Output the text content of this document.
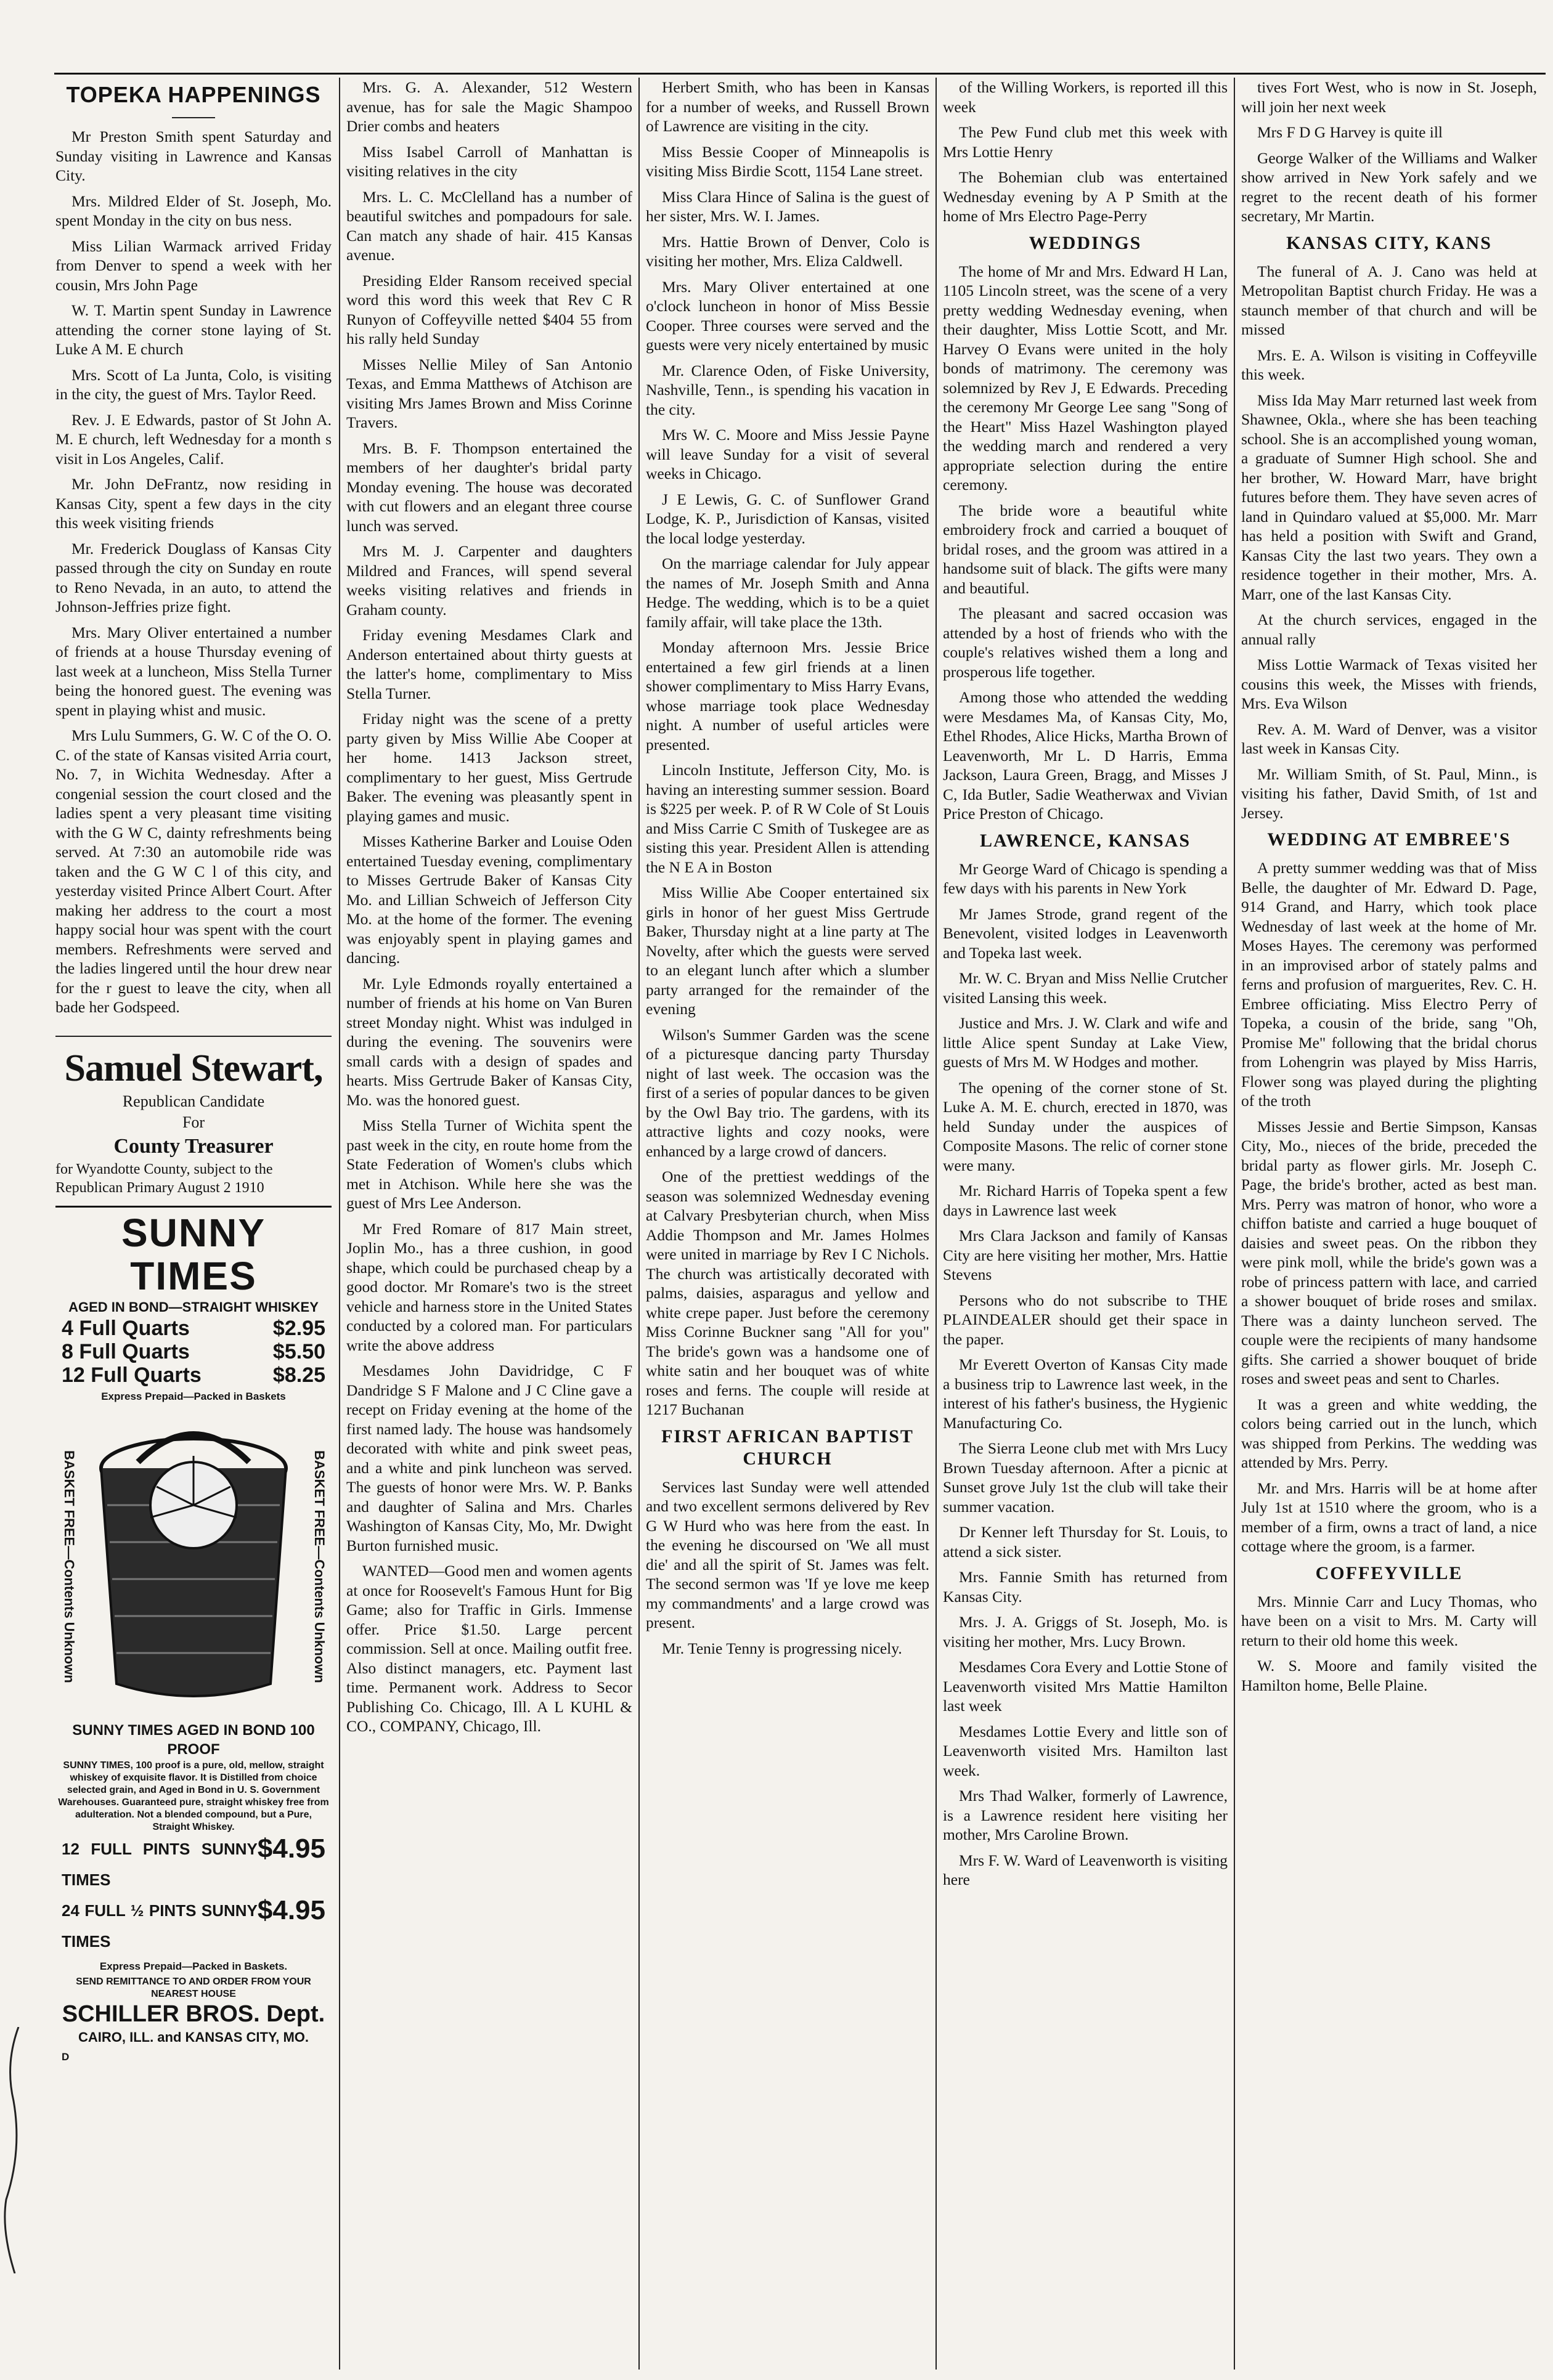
TOPEKA HAPPENINGS

Mr Preston Smith spent Saturday and Sunday visiting in Lawrence and Kansas City.

Mrs. Mildred Elder of St. Joseph, Mo. spent Monday in the city on bus ness.

Miss Lilian Warmack arrived Friday from Denver to spend a week with her cousin, Mrs John Page

W. T. Martin spent Sunday in Lawrence attending the corner stone laying of St. Luke A M. E church

Mrs. Scott of La Junta, Colo, is visiting in the city, the guest of Mrs. Taylor Reed.

Rev. J. E Edwards, pastor of St John A. M. E church, left Wednesday for a month s visit in Los Angeles, Calif.

Mr. John DeFrantz, now residing in Kansas City, spent a few days in the city this week visiting friends

Mr. Frederick Douglass of Kansas City passed through the city on Sunday en route to Reno Nevada, in an auto, to attend the Johnson-Jeffries prize fight.

Mrs. Mary Oliver entertained a number of friends at a house Thursday evening of last week at a luncheon, Miss Stella Turner being the honored guest. The evening was spent in playing whist and music.

Mrs Lulu Summers, G. W. C of the O. O. C. of the state of Kansas visited Arria court, No. 7, in Wichita Wednesday. After a congenial session the court closed and the ladies spent a very pleasant time visiting with the G W C, dainty refreshments being served. At 7:30 an automobile ride was taken and the G W C l of this city, and yesterday visited Prince Albert Court. After making her address to the court a most happy social hour was spent with the court members. Refreshments were served and the ladies lingered until the hour drew near for the r guest to leave the city, when all bade her Godspeed.

Samuel Stewart,
Republican Candidate
For
County Treasurer
for Wyandotte County, subject to the Republican Primary August 2 1910
SUNNY TIMES
AGED IN BOND—STRAIGHT WHISKEY
4 Full Quarts	$2.95
8 Full Quarts	$5.50
12 Full Quarts	$8.25
Express Prepaid—Packed in Baskets
BASKET FREE—Contents Unknown	BASKET FREE—Contents Unknown
SUNNY TIMES AGED IN BOND 100 PROOF
SUNNY TIMES, 100 proof is a pure, old, mellow, straight whiskey of exquisite flavor. It is Distilled from choice selected grain, and Aged in Bond in U. S. Government Warehouses. Guaranteed pure, straight whiskey free from adulteration. Not a blended compound, but a Pure, Straight Whiskey.
12 FULL PINTS SUNNY TIMES
$4.95
24 FULL ½ PINTS SUNNY TIMES
$4.95
Express Prepaid—Packed in Baskets.
SEND REMITTANCE TO AND ORDER FROM YOUR NEAREST HOUSE
SCHILLER BROS. Dept.
CAIRO, ILL. and KANSAS CITY, MO.
D

Mrs. G. A. Alexander, 512 Western avenue, has for sale the Magic Shampoo Drier combs and heaters

Miss Isabel Carroll of Manhattan is visiting relatives in the city

Mrs. L. C. McClelland has a number of beautiful switches and pompadours for sale. Can match any shade of hair. 415 Kansas avenue.

Presiding Elder Ransom received special word this word this week that Rev C R Runyon of Coffeyville netted $404 55 from his rally held Sunday

Misses Nellie Miley of San Antonio Texas, and Emma Matthews of Atchison are visiting Mrs James Brown and Miss Corinne Travers.

Mrs. B. F. Thompson entertained the members of her daughter's bridal party Monday evening. The house was decorated with cut flowers and an elegant three course lunch was served.

Mrs M. J. Carpenter and daughters Mildred and Frances, will spend several weeks visiting relatives and friends in Graham county.

Friday evening Mesdames Clark and Anderson entertained about thirty guests at the latter's home, complimentary to Miss Stella Turner.

Friday night was the scene of a pretty party given by Miss Willie Abe Cooper at her home. 1413 Jackson street, complimentary to her guest, Miss Gertrude Baker. The evening was pleasantly spent in playing games and music.

Misses Katherine Barker and Louise Oden entertained Tuesday evening, complimentary to Misses Gertrude Baker of Kansas City Mo. and Lillian Schweich of Jefferson City Mo. at the home of the former. The evening was enjoyably spent in playing games and dancing.

Mr. Lyle Edmonds royally entertained a number of friends at his home on Van Buren street Monday night. Whist was indulged in during the evening. The souvenirs were small cards with a design of spades and hearts. Miss Gertrude Baker of Kansas City, Mo. was the honored guest.

Miss Stella Turner of Wichita spent the past week in the city, en route home from the State Federation of Women's clubs which met in Atchison. While here she was the guest of Mrs Lee Anderson.

Mr Fred Romare of 817 Main street, Joplin Mo., has a three cushion, in good shape, which could be purchased cheap by a good doctor. Mr Romare's two is the street vehicle and harness store in the United States conducted by a colored man. For particulars write the above address

Mesdames John Davidridge, C F Dandridge S F Malone and J C Cline gave a recept on Friday evening at the home of the first named lady. The house was handsomely decorated with white and pink sweet peas, and a white and pink luncheon was served. The guests of honor were Mrs. W. P. Banks and daughter of Salina and Mrs. Charles Washington of Kansas City, Mo, Mr. Dwight Burton furnished music.

WANTED—Good men and women agents at once for Roosevelt's Famous Hunt for Big Game; also for Traffic in Girls. Immense offer. Price $1.50. Large percent commission. Sell at once. Mailing outfit free. Also distinct managers, etc. Payment last time. Permanent work. Address to Secor Publishing Co. Chicago, Ill. A L KUHL & CO., COMPANY, Chicago, Ill.

Herbert Smith, who has been in Kansas for a number of weeks, and Russell Brown of Lawrence are visiting in the city.

Miss Bessie Cooper of Minneapolis is visiting Miss Birdie Scott, 1154 Lane street.

Miss Clara Hince of Salina is the guest of her sister, Mrs. W. I. James.

Mrs. Hattie Brown of Denver, Colo is visiting her mother, Mrs. Eliza Caldwell.

Mrs. Mary Oliver entertained at one o'clock luncheon in honor of Miss Bessie Cooper. Three courses were served and the guests were very nicely entertained by music

Mr. Clarence Oden, of Fiske University, Nashville, Tenn., is spending his vacation in the city.

Mrs W. C. Moore and Miss Jessie Payne will leave Sunday for a visit of several weeks in Chicago.

J E Lewis, G. C. of Sunflower Grand Lodge, K. P., Jurisdiction of Kansas, visited the local lodge yesterday.

On the marriage calendar for July appear the names of Mr. Joseph Smith and Anna Hedge. The wedding, which is to be a quiet family affair, will take place the 13th.

Monday afternoon Mrs. Jessie Brice entertained a few girl friends at a linen shower complimentary to Miss Harry Evans, whose marriage took place Wednesday night. A number of useful articles were presented.

Lincoln Institute, Jefferson City, Mo. is having an interesting summer session. Board is $225 per week. P. of R W Cole of St Louis and Miss Carrie C Smith of Tuskegee are as sisting this year. President Allen is attending the N E A in Boston

Miss Willie Abe Cooper entertained six girls in honor of her guest Miss Gertrude Baker, Thursday night at a line party at The Novelty, after which the guests were served to an elegant lunch after which a slumber party arranged for the remainder of the evening

Wilson's Summer Garden was the scene of a picturesque dancing party Thursday night of last week. The occasion was the first of a series of popular dances to be given by the Owl Bay trio. The gardens, with its attractive lights and cozy nooks, were enhanced by a large crowd of dancers.

One of the prettiest weddings of the season was solemnized Wednesday evening at Calvary Presbyterian church, when Miss Addie Thompson and Mr. James Holmes were united in marriage by Rev I C Nichols. The church was artistically decorated with palms, daisies, asparagus and yellow and white crepe paper. Just before the ceremony Miss Corinne Buckner sang "All for you" The bride's gown was a handsome one of white satin and her bouquet was of white roses and ferns. The couple will reside at 1217 Buchanan

FIRST AFRICAN BAPTIST CHURCH

Services last Sunday were well attended and two excellent sermons delivered by Rev G W Hurd who was here from the east. In the evening he discoursed on 'We all must die' and all the spirit of St. James was felt. The second sermon was 'If ye love me keep my commandments' and a large crowd was present.

Mr. Tenie Tenny is progressing nicely.

of the Willing Workers, is reported ill this week

The Pew Fund club met this week with Mrs Lottie Henry

The Bohemian club was entertained Wednesday evening by A P Smith at the home of Mrs Electro Page-Perry

WEDDINGS

The home of Mr and Mrs. Edward H Lan, 1105 Lincoln street, was the scene of a very pretty wedding Wednesday evening, when their daughter, Miss Lottie Scott, and Mr. Harvey O Evans were united in the holy bonds of matrimony. The ceremony was solemnized by Rev J, E Edwards. Preceding the ceremony Mr George Lee sang "Song of the Heart" Miss Hazel Washington played the wedding march and rendered a very appropriate selection during the entire ceremony.

The bride wore a beautiful white embroidery frock and carried a bouquet of bridal roses, and the groom was attired in a handsome suit of black. The gifts were many and beautiful.

The pleasant and sacred occasion was attended by a host of friends who with the couple's relatives wished them a long and prosperous life together.

Among those who attended the wedding were Mesdames Ma, of Kansas City, Mo, Ethel Rhodes, Alice Hicks, Martha Brown of Leavenworth, Mr L. D Harris, Emma Jackson, Laura Green, Bragg, and Misses J C, Ida Butler, Sadie Weatherwax and Vivian Price Preston of Chicago.

LAWRENCE, KANSAS

Mr George Ward of Chicago is spending a few days with his parents in New York

Mr James Strode, grand regent of the Benevolent, visited lodges in Leavenworth and Topeka last week.

Mr. W. C. Bryan and Miss Nellie Crutcher visited Lansing this week.

Justice and Mrs. J. W. Clark and wife and little Alice spent Sunday at Lake View, guests of Mrs M. W Hodges and mother.

The opening of the corner stone of St. Luke A. M. E. church, erected in 1870, was held Sunday under the auspices of Composite Masons. The relic of corner stone were many.

Mr. Richard Harris of Topeka spent a few days in Lawrence last week

Mrs Clara Jackson and family of Kansas City are here visiting her mother, Mrs. Hattie Stevens

Persons who do not subscribe to THE PLAINDEALER should get their space in the paper.

Mr Everett Overton of Kansas City made a business trip to Lawrence last week, in the interest of his father's business, the Hygienic Manufacturing Co.

The Sierra Leone club met with Mrs Lucy Brown Tuesday afternoon. After a picnic at Sunset grove July 1st the club will take their summer vacation.

Dr Kenner left Thursday for St. Louis, to attend a sick sister.

Mrs. Fannie Smith has returned from Kansas City.

Mrs. J. A. Griggs of St. Joseph, Mo. is visiting her mother, Mrs. Lucy Brown.

Mesdames Cora Every and Lottie Stone of Leavenworth visited Mrs Mattie Hamilton last week

Mesdames Lottie Every and little son of Leavenworth visited Mrs. Hamilton last week.

Mrs Thad Walker, formerly of Lawrence, is a Lawrence resident here visiting her mother, Mrs Caroline Brown.

Mrs F. W. Ward of Leavenworth is visiting here

tives Fort West, who is now in St. Joseph, will join her next week

Mrs F D G Harvey is quite ill

George Walker of the Williams and Walker show arrived in New York safely and we regret to the recent death of his former secretary, Mr Martin.

KANSAS CITY, KANS

The funeral of A. J. Cano was held at Metropolitan Baptist church Friday. He was a staunch member of that church and will be missed

Mrs. E. A. Wilson is visiting in Coffeyville this week.

Miss Ida May Marr returned last week from Shawnee, Okla., where she has been teaching school. She is an accomplished young woman, a graduate of Sumner High school. She and her brother, W. Howard Marr, have bright futures before them. They have seven acres of land in Quindaro valued at $5,000. Mr. Marr has held a position with Swift and Grand, Kansas City the last two years. They own a residence together in their mother, Mrs. A. Marr, one of the last Kansas City.

At the church services, engaged in the annual rally

Miss Lottie Warmack of Texas visited her cousins this week, the Misses with friends, Mrs. Eva Wilson

Rev. A. M. Ward of Denver, was a visitor last week in Kansas City.

Mr. William Smith, of St. Paul, Minn., is visiting his father, David Smith, of 1st and Jersey.

WEDDING AT EMBREE'S

A pretty summer wedding was that of Miss Belle, the daughter of Mr. Edward D. Page, 914 Grand, and Harry, which took place Wednesday of last week at the home of Mr. Moses Hayes. The ceremony was performed in an improvised arbor of stately palms and ferns and profusion of marguerites, Rev. C. H. Embree officiating. Miss Electro Perry of Topeka, a cousin of the bride, sang "Oh, Promise Me" following that the bridal chorus from Lohengrin was played by Miss Harris, Flower song was played during the plighting of the troth

Misses Jessie and Bertie Simpson, Kansas City, Mo., nieces of the bride, preceded the bridal party as flower girls. Mr. Joseph C. Page, the bride's brother, acted as best man. Mrs. Perry was matron of honor, who wore a chiffon batiste and carried a huge bouquet of daisies and sweet peas. On the ribbon they were pink moll, while the bride's gown was a robe of princess pattern with lace, and carried a shower bouquet of bride roses and smilax. There was a dainty luncheon served. The couple were the recipients of many handsome gifts. She carried a shower bouquet of bride roses and sweet peas and sent to Charles.

It was a green and white wedding, the colors being carried out in the lunch, which was shipped from Perkins. The wedding was attended by Mrs. Perry.

Mr. and Mrs. Harris will be at home after July 1st at 1510 where the groom, who is a member of a firm, owns a tract of land, a nice cottage where the groom, is a farmer.

COFFEYVILLE

Mrs. Minnie Carr and Lucy Thomas, who have been on a visit to Mrs. M. Carty will return to their old home this week.

W. S. Moore and family visited the Hamilton home, Belle Plaine.
